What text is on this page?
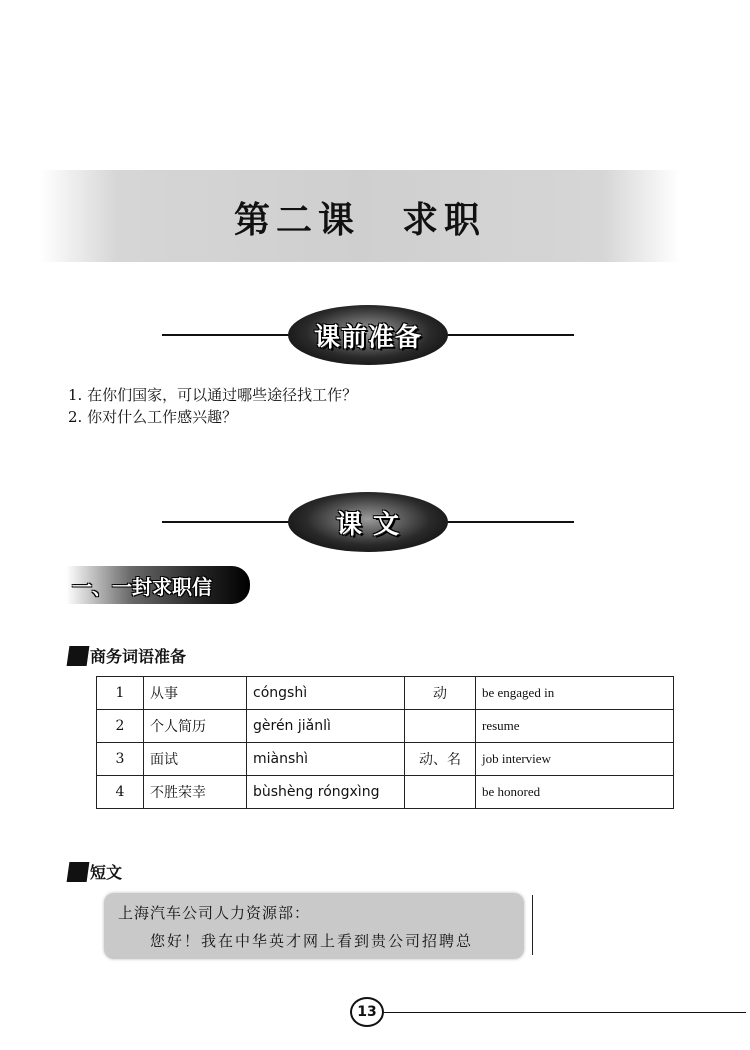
第二课　求职
课前准备
1. 在你们国家，可以通过哪些途径找工作？
2. 你对什么工作感兴趣？
课 文
一、一封求职信
商务词语准备
1	从事	cóngshì	动	be engaged in
2	个人简历	gèrén jiǎnlì		resume
3	面试	miànshì	动、名	job interview
4	不胜荣幸	bùshèng róngxìng		be honored
短文
上海汽车公司人力资源部：
您好！我在中华英才网上看到贵公司招聘总
13
